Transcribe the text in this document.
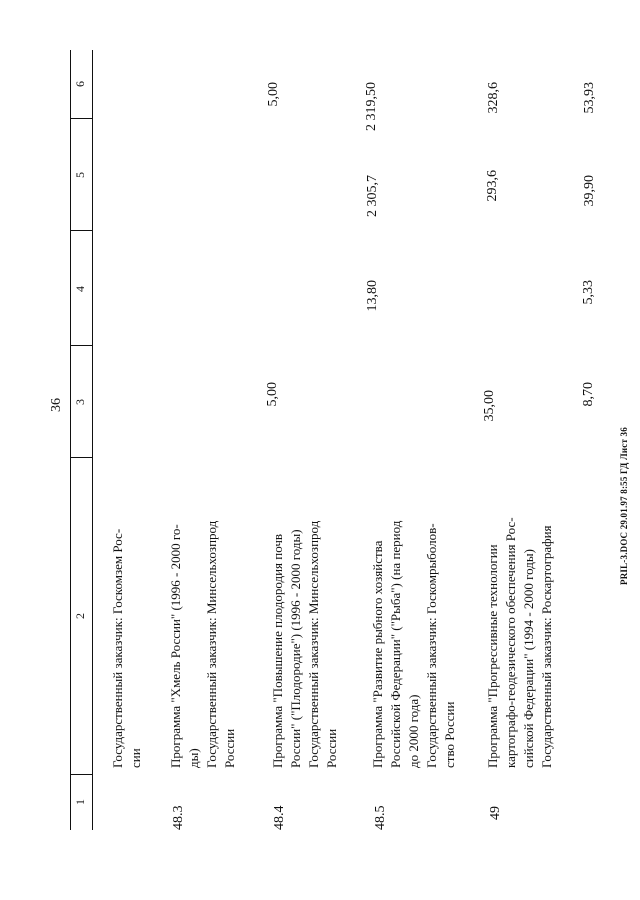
36
PRIL-3.DOC 29.01.97 8:55 ГД Лист 36
1
2
3
4
5
6

Государственный заказчик: Госкомзем Рос- сии

48.3

Программа "Хмель России" (1996 - 2000 го- ды) Государственный заказчик: Минсельхозпрод России

5,00
5,00
48.4

Программа "Повышение плодородия почв России" ("Плодородие") (1996 - 2000 годы) Государственный заказчик: Минсельхозпрод России

13,80
2 305,7
2 319,50
48.5

Программа "Развитие рыбного хозяйства Российской Федерации" ("Рыба") (на период до 2000 года) Государственный заказчик: Госкомрыболов- ство России

35,00
293,6
328,6
49

Программа "Прогрессивные технологии картографо-геодезического обеспечения Рос- сийской Федерации" (1994 - 2000 годы) Государственный заказчик: Роскартография

8,70
5,33
39,90
53,93
